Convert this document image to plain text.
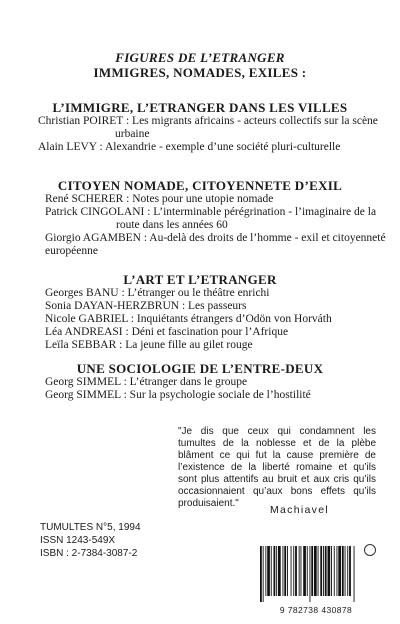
FIGURES DE L’ETRANGER
IMMIGRES, NOMADES, EXILES :
L’IMMIGRE, L’ETRANGER DANS LES VILLES

Christian POIRET : Les migrants africains - acteurs collectifs sur la scène urbaine

Alain LEVY : Alexandrie - exemple d’une société pluri-culturelle

CITOYEN NOMADE, CITOYENNETE D’EXIL

René SCHERER : Notes pour une utopie nomade

Patrick CINGOLANI : L’interminable pérégrination - l’imaginaire de la route dans les années 60

Giorgio AGAMBEN : Au-delà des droits de l’homme - exil et citoyenneté européenne

L’ART ET L’ETRANGER

Georges BANU : L’étranger ou le théâtre enrichi

Sonia DAYAN-HERZBRUN : Les passeurs

Nicole GABRIEL : Inquiétants étrangers d’Odön von Horváth

Léa ANDREASI : Déni et fascination pour l’Afrique

Leïla SEBBAR : La jeune fille au gilet rouge

UNE SOCIOLOGIE DE L’ENTRE-DEUX

Georg SIMMEL : L’étranger dans le groupe

Georg SIMMEL : Sur la psychologie sociale de l’hostilité

"Je dis que ceux qui condamnent les tumultes de la noblesse et de la plèbe blâment ce qui fut la cause première de l’existence de la liberté romaine et qu’ils sont plus attentifs au bruit et aux cris qu’ils occasionnaient qu’aux bons effets qu’ils produisaient."
Machiavel
TUMULTES N°5, 1994
ISSN 1243-549X
ISBN : 2-7384-3087-2
9 782738 430878
